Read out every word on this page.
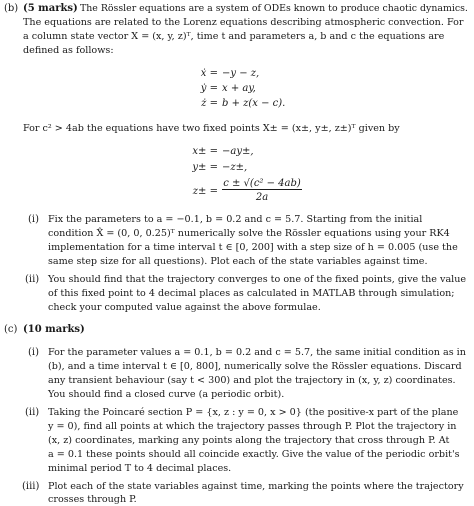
(b) (5 marks) The Rössler equations are a system of ODEs known to produce chaotic dynamics.
The equations are related to the Lorenz equations describing atmospheric convection. For
a column state vector X = (x, y, z)ᵀ, time t and parameters a, b and c the equations are
defined as follows:
ẋ = −y − z,
ẏ = x + ay,
ż = b + z(x − c).
For c² > 4ab the equations have two fixed points X± = (x±, y±, z±)ᵀ given by
x± = −ay±,
y± = −z±,
z± =
c ± √(c² − 4ab)
2a
(i) Fix the parameters to a = −0.1, b = 0.2 and c = 5.7. Starting from the initial
condition X̂ = (0, 0, 0.25)ᵀ numerically solve the Rössler equations using your RK4
implementation for a time interval t ∈ [0, 200] with a step size of h = 0.005 (use the
same step size for all questions). Plot each of the state variables against time.
(ii) You should find that the trajectory converges to one of the fixed points, give the value
of this fixed point to 4 decimal places as calculated in MATLAB through simulation;
check your computed value against the above formulae.
(c) (10 marks)
(i) For the parameter values a = 0.1, b = 0.2 and c = 5.7, the same initial condition as in
(b), and a time interval t ∈ [0, 800], numerically solve the Rössler equations. Discard
any transient behaviour (say t < 300) and plot the trajectory in (x, y, z) coordinates.
You should find a closed curve (a periodic orbit).
(ii) Taking the Poincaré section P = {x, z : y = 0, x > 0} (the positive-x part of the plane
y = 0), find all points at which the trajectory passes through P. Plot the trajectory in
(x, z) coordinates, marking any points along the trajectory that cross through P. At
a = 0.1 these points should all coincide exactly. Give the value of the periodic orbit's
minimal period T to 4 decimal places.
(iii) Plot each of the state variables against time, marking the points where the trajectory
crosses through P.
